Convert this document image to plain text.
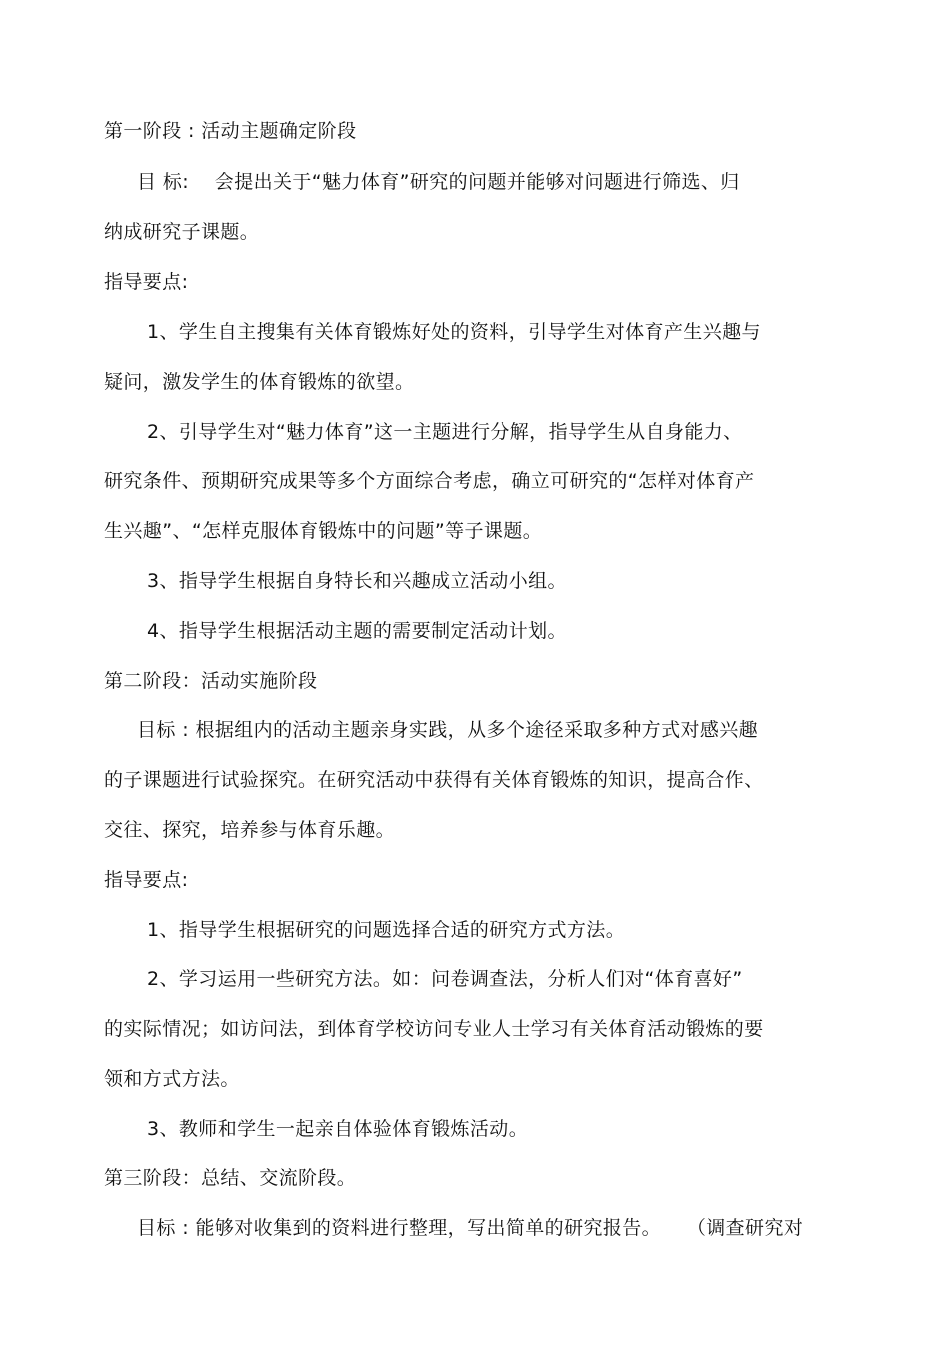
第一阶段 : 活动主题确定阶段
目 标:    会提出关于“魅力体育”研究的问题并能够对问题进行筛选、归
纳成研究子课题。
指导要点:
1、学生自主搜集有关体育锻炼好处的资料，引导学生对体育产生兴趣与
疑问，激发学生的体育锻炼的欲望。
2、引导学生对“魅力体育”这一主题进行分解，指导学生从自身能力、
研究条件、预期研究成果等多个方面综合考虑，确立可研究的“怎样对体育产
生兴趣”、“怎样克服体育锻炼中的问题”等子课题。
3、指导学生根据自身特长和兴趣成立活动小组。
4、指导学生根据活动主题的需要制定活动计划。
第二阶段：活动实施阶段
目标 : 根据组内的活动主题亲身实践，从多个途径采取多种方式对感兴趣
的子课题进行试验探究。在研究活动中获得有关体育锻炼的知识，提高合作、
交往、探究，培养参与体育乐趣。
指导要点:
1、指导学生根据研究的问题选择合适的研究方式方法。
2、学习运用一些研究方法。如：问卷调查法，分析人们对“体育喜好”
的实际情况；如访问法，到体育学校访问专业人士学习有关体育活动锻炼的要
领和方式方法。
3、教师和学生一起亲自体验体育锻炼活动。
第三阶段：总结、交流阶段。
目标 : 能够对收集到的资料进行整理，写出简单的研究报告。    （调查研究对
